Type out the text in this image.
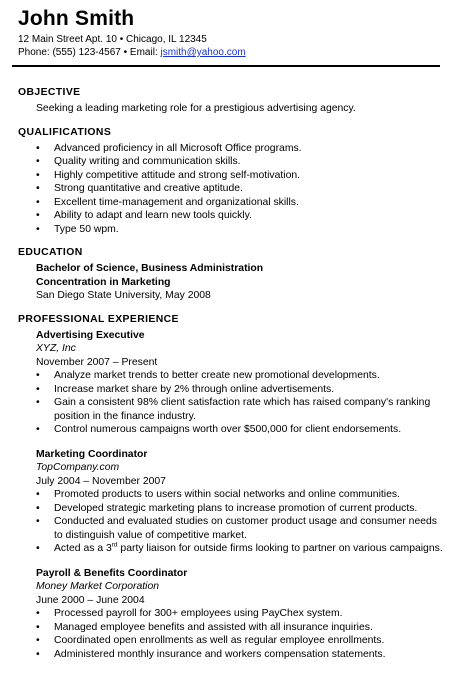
John Smith
12 Main Street Apt. 10 • Chicago, IL 12345
Phone: (555) 123-4567 • Email: jsmith@yahoo.com
OBJECTIVE
Seeking a leading marketing role for a prestigious advertising agency.
QUALIFICATIONS
•	Advanced proficiency in all Microsoft Office programs.
•	Quality writing and communication skills.
•	Highly competitive attitude and strong self-motivation.
•	Strong quantitative and creative aptitude.
•	Excellent time-management and organizational skills.
•	Ability to adapt and learn new tools quickly.
•	Type 50 wpm.
EDUCATION
Bachelor of Science, Business Administration
Concentration in Marketing
San Diego State University, May 2008
PROFESSIONAL EXPERIENCE
Advertising Executive
XYZ, Inc
November 2007 – Present
•	Analyze market trends to better create new promotional developments.
•	Increase market share by 2% through online advertisements.
•	Gain a consistent 98% client satisfaction rate which has raised company's ranking position in the finance industry.
•	Control numerous campaigns worth over $500,000 for client endorsements.
Marketing Coordinator
TopCompany.com
July 2004 – November 2007
•	Promoted products to users within social networks and online communities.
•	Developed strategic marketing plans to increase promotion of current products.
•	Conducted and evaluated studies on customer product usage and consumer needs to distinguish value of competitive market.
•	Acted as a 3rd party liaison for outside firms looking to partner on various campaigns.
Payroll & Benefits Coordinator
Money Market Corporation
June 2000 – June 2004
•	Processed payroll for 300+ employees using PayChex system.
•	Managed employee benefits and assisted with all insurance inquiries.
•	Coordinated open enrollments as well as regular employee enrollments.
•	Administered monthly insurance and workers compensation statements.
